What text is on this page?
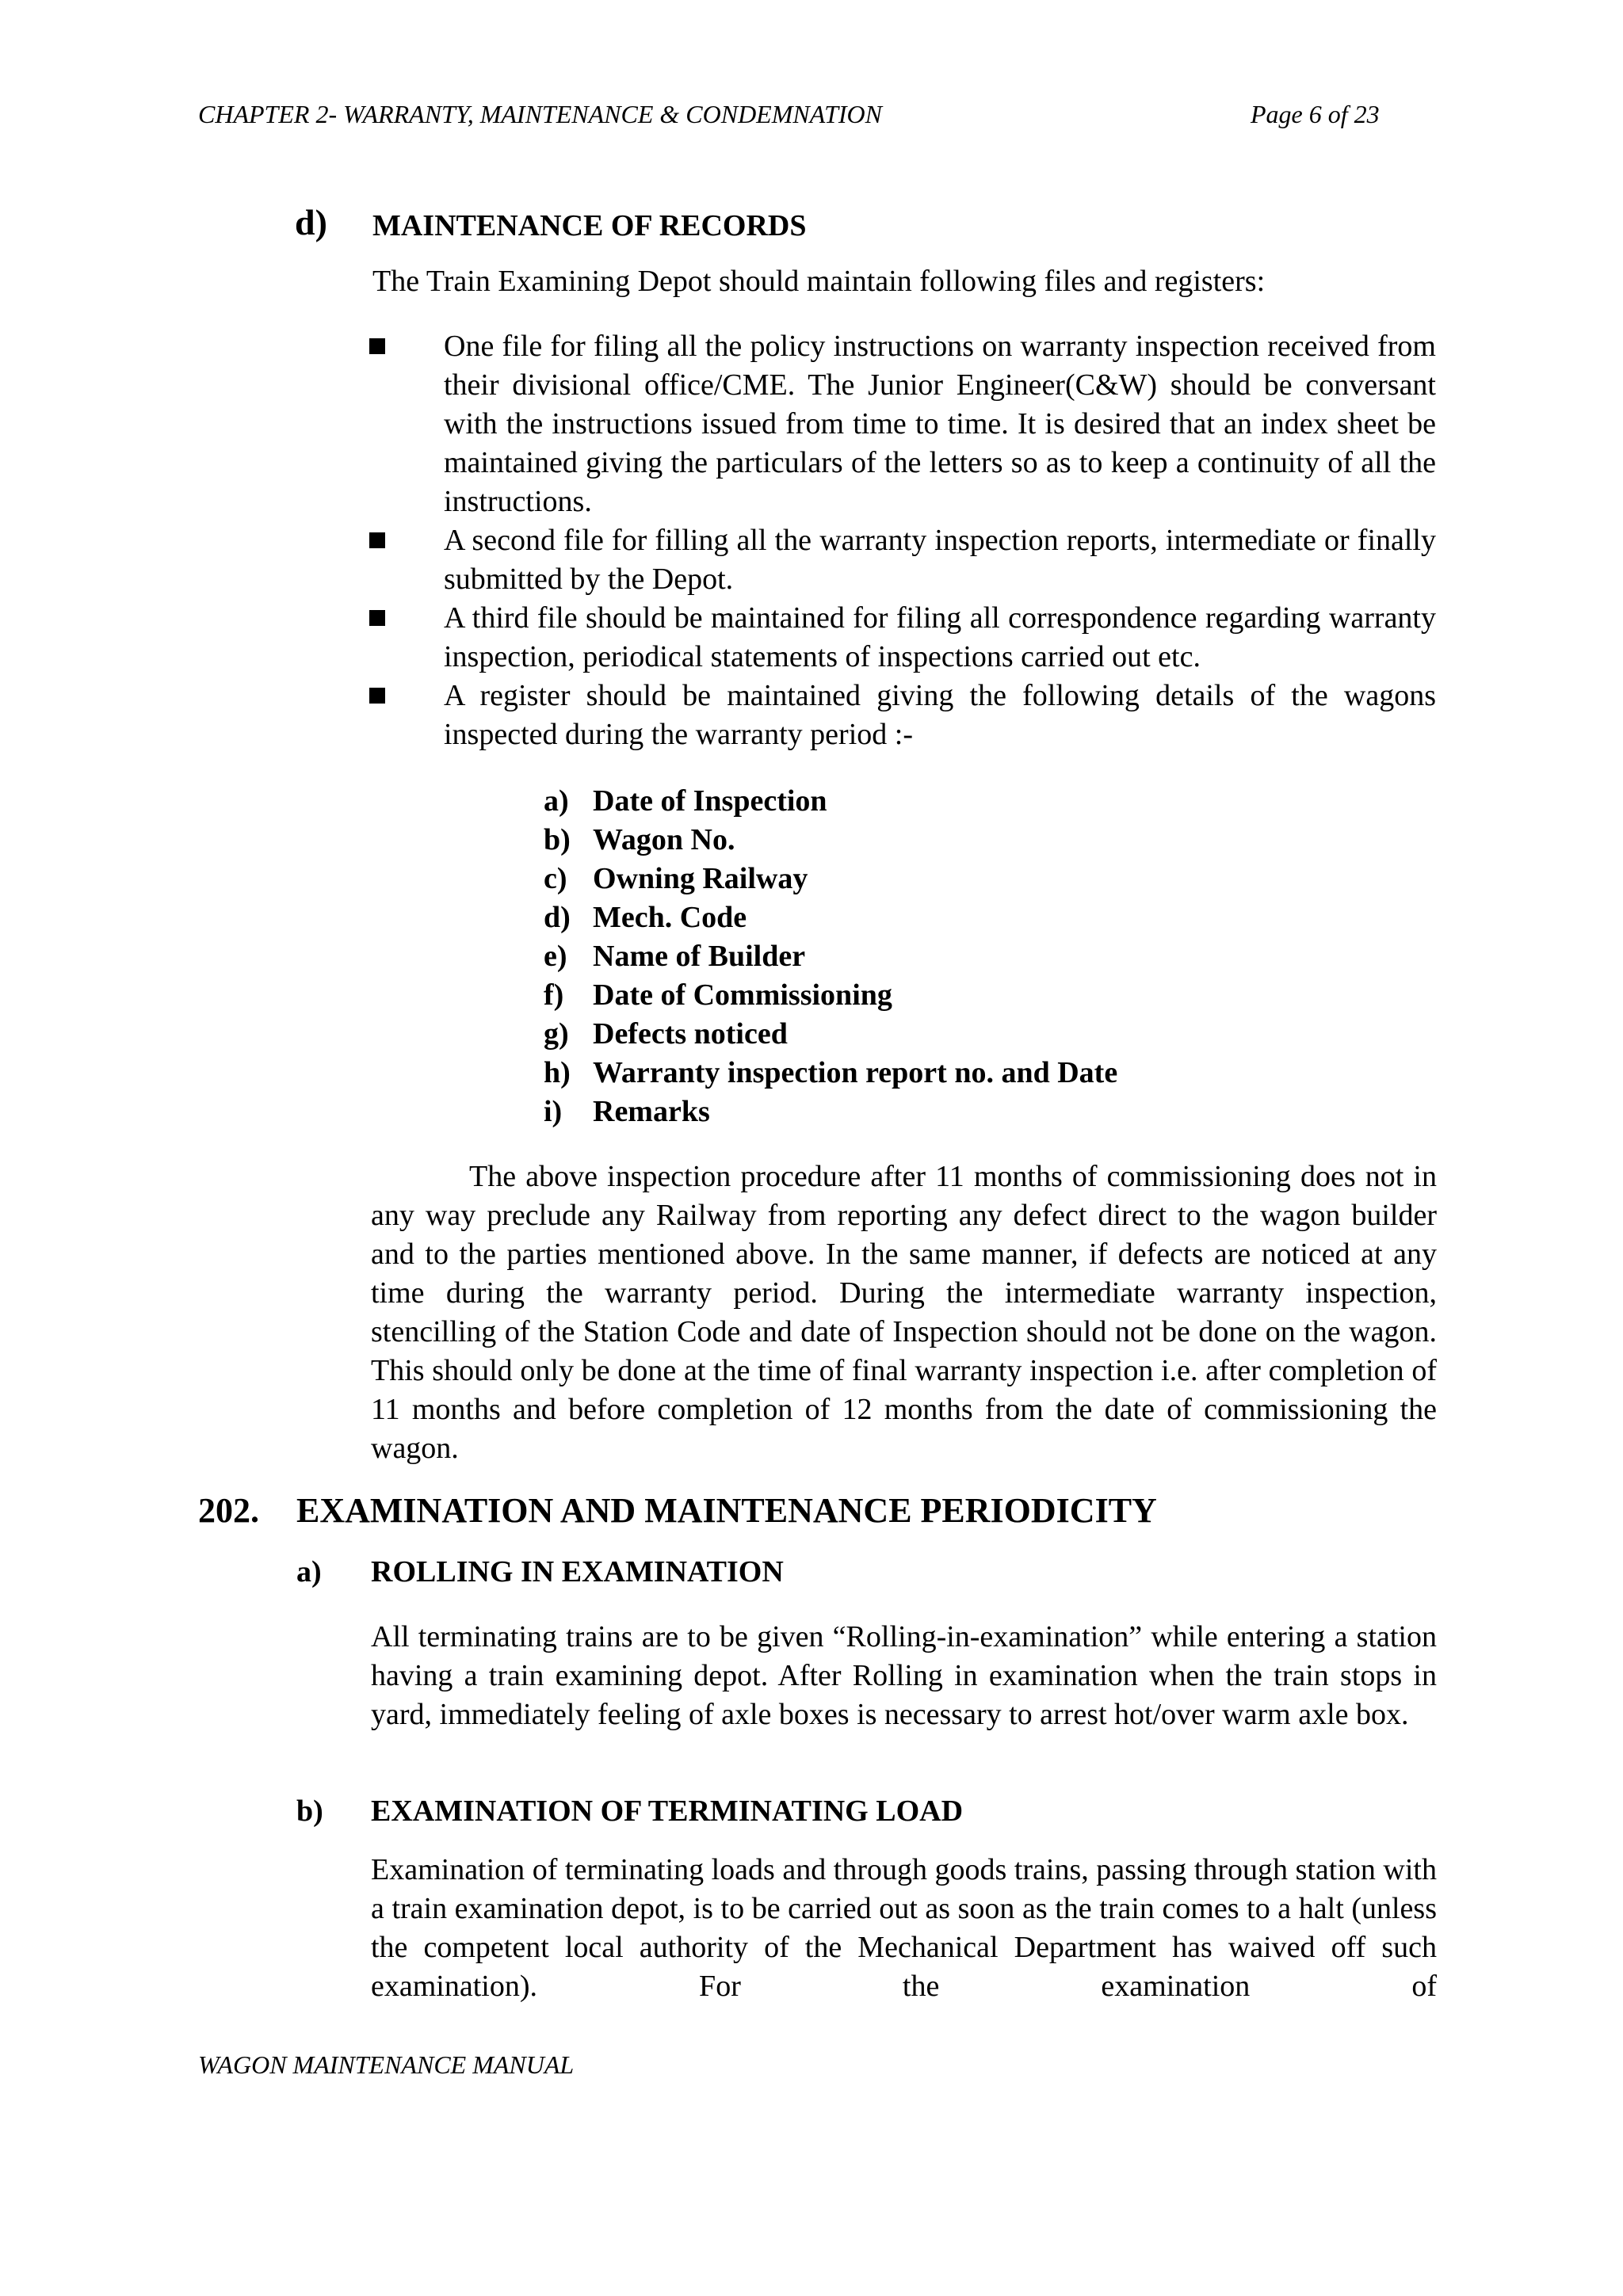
CHAPTER 2- WARRANTY, MAINTENANCE & CONDEMNATION	Page 6 of 23
d) MAINTENANCE OF RECORDS
The Train Examining Depot should maintain following files and registers:
One file for filing all the policy instructions on warranty inspection received from their divisional office/CME. The Junior Engineer(C&W) should be conversant with the instructions issued from time to time. It is desired that an index sheet be maintained giving the particulars of the letters so as to keep a continuity of all the instructions.
A second file for filling all the warranty inspection reports, intermediate or finally submitted by the Depot.
A third file should be maintained for filing all correspondence regarding warranty inspection, periodical statements of inspections carried out etc.
A register should be maintained giving the following details of the wagons inspected during the warranty period :-
a) Date of Inspection
b) Wagon No.
c) Owning Railway
d) Mech. Code
e) Name of Builder
f) Date of Commissioning
g) Defects noticed
h) Warranty inspection report no. and Date
i) Remarks
The above inspection procedure after 11 months of commissioning does not in any way preclude any Railway from reporting any defect direct to the wagon builder and to the parties mentioned above. In the same manner, if defects are noticed at any time during the warranty period. During the intermediate warranty inspection, stencilling of the Station Code and date of Inspection should not be done on the wagon. This should only be done at the time of final warranty inspection i.e. after completion of 11 months and before completion of 12 months from the date of commissioning the wagon.
202. EXAMINATION AND MAINTENANCE PERIODICITY
a) ROLLING IN EXAMINATION
All terminating trains are to be given “Rolling-in-examination” while entering a station having a train examining depot. After Rolling in examination when the train stops in yard, immediately feeling of axle boxes is necessary to arrest hot/over warm axle box.
b) EXAMINATION OF TERMINATING LOAD
Examination of terminating loads and through goods trains, passing through station with a train examination depot, is to be carried out as soon as the train comes to a halt (unless the competent local authority of the Mechanical Department has waived off such examination). For the examination of
WAGON MAINTENANCE MANUAL
